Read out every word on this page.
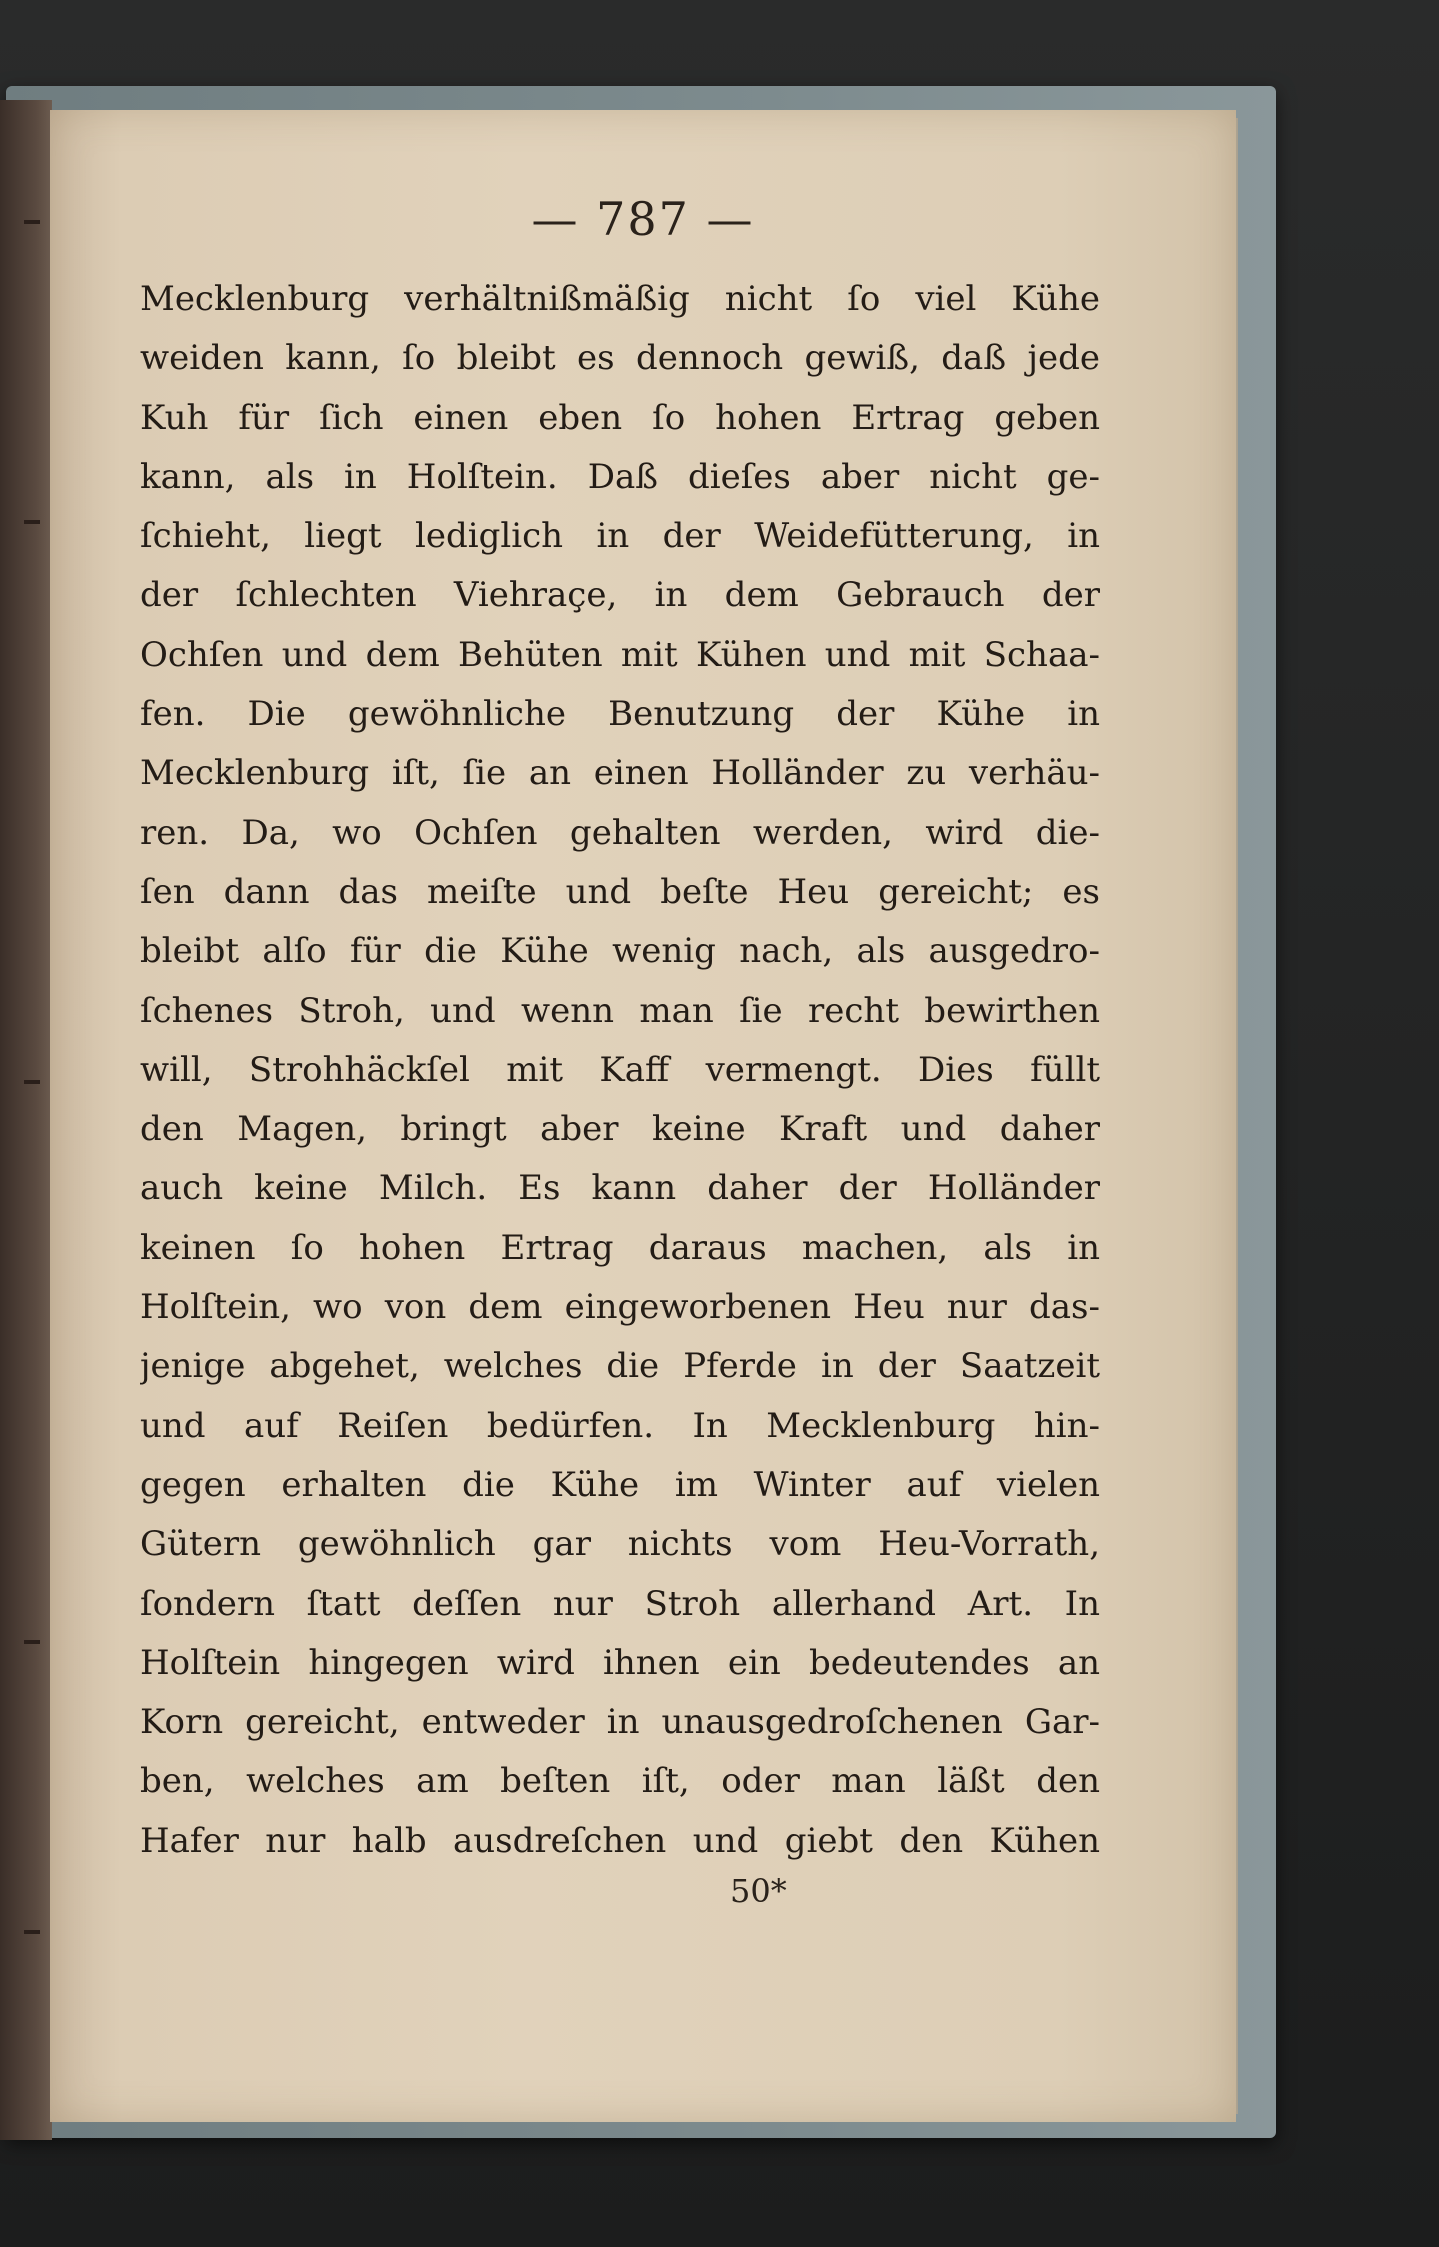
— 787 —
Mecklenburg verhältnißmäßig nicht ſo viel Kühe
weiden kann, ſo bleibt es dennoch gewiß, daß jede
Kuh für ſich einen eben ſo hohen Ertrag geben
kann, als in Holſtein. Daß dieſes aber nicht ge-
ſchieht, liegt lediglich in der Weidefütterung, in
der ſchlechten Viehraçe, in dem Gebrauch der
Ochſen und dem Behüten mit Kühen und mit Schaa-
fen. Die gewöhnliche Benutzung der Kühe in
Mecklenburg iſt, ſie an einen Holländer zu verhäu-
ren. Da, wo Ochſen gehalten werden, wird die-
ſen dann das meiſte und beſte Heu gereicht; es
bleibt alſo für die Kühe wenig nach, als ausgedro-
ſchenes Stroh, und wenn man ſie recht bewirthen
will, Strohhäckſel mit Kaff vermengt. Dies füllt
den Magen, bringt aber keine Kraft und daher
auch keine Milch. Es kann daher der Holländer
keinen ſo hohen Ertrag daraus machen, als in
Holſtein, wo von dem eingeworbenen Heu nur das-
jenige abgehet, welches die Pferde in der Saatzeit
und auf Reiſen bedürfen. In Mecklenburg hin-
gegen erhalten die Kühe im Winter auf vielen
Gütern gewöhnlich gar nichts vom Heu-Vorrath,
ſondern ſtatt deſſen nur Stroh allerhand Art. In
Holſtein hingegen wird ihnen ein bedeutendes an
Korn gereicht, entweder in unausgedroſchenen Gar-
ben, welches am beſten iſt, oder man läßt den
Hafer nur halb ausdreſchen und giebt den Kühen
50*
